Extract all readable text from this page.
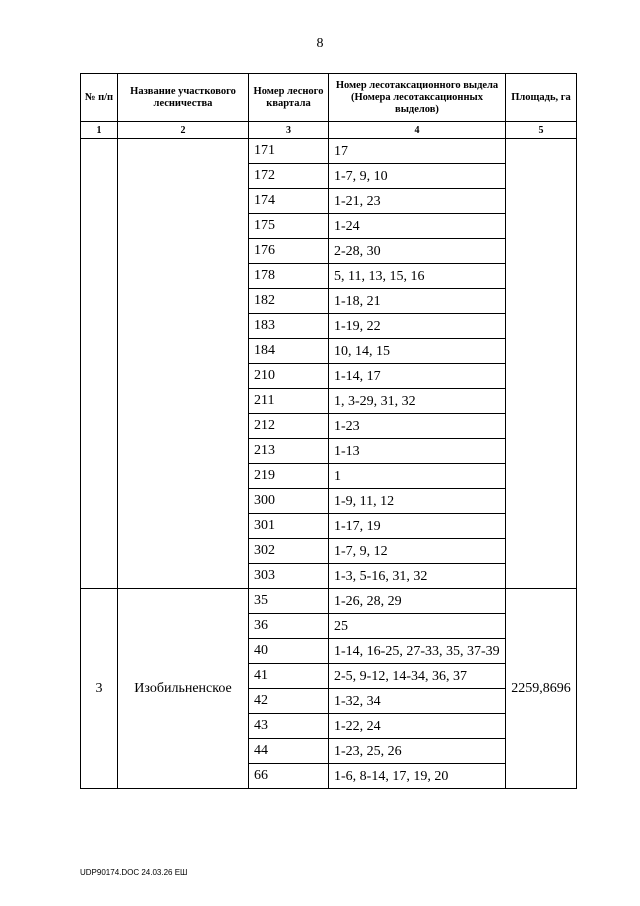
8
№ п/п	Название участкового лесничества	Номер лесного квартала	Номер лесотаксационного выдела (Номера лесотаксационных выделов)	Площадь, га
1	2	3	4	5
		171	17	
		172	1-7, 9, 10	
		174	1-21, 23	
		175	1-24	
		176	2-28, 30	
		178	5, 11, 13, 15, 16	
		182	1-18, 21	
		183	1-19, 22	
		184	10, 14, 15	
		210	1-14, 17	
		211	1, 3-29, 31, 32	
		212	1-23	
		213	1-13	
		219	1	
		300	1-9, 11, 12	
		301	1-17, 19	
		302	1-7, 9, 12	
		303	1-3, 5-16, 31, 32	
3	Изобильненское	35	1-26, 28, 29	2259,8696
		36	25	
		40	1-14, 16-25, 27-33, 35, 37-39	
		41	2-5, 9-12, 14-34, 36, 37	
		42	1-32, 34	
		43	1-22, 24	
		44	1-23, 25, 26	
		66	1-6, 8-14, 17, 19, 20	
UDP90174.DOC 24.03.26 EШ
